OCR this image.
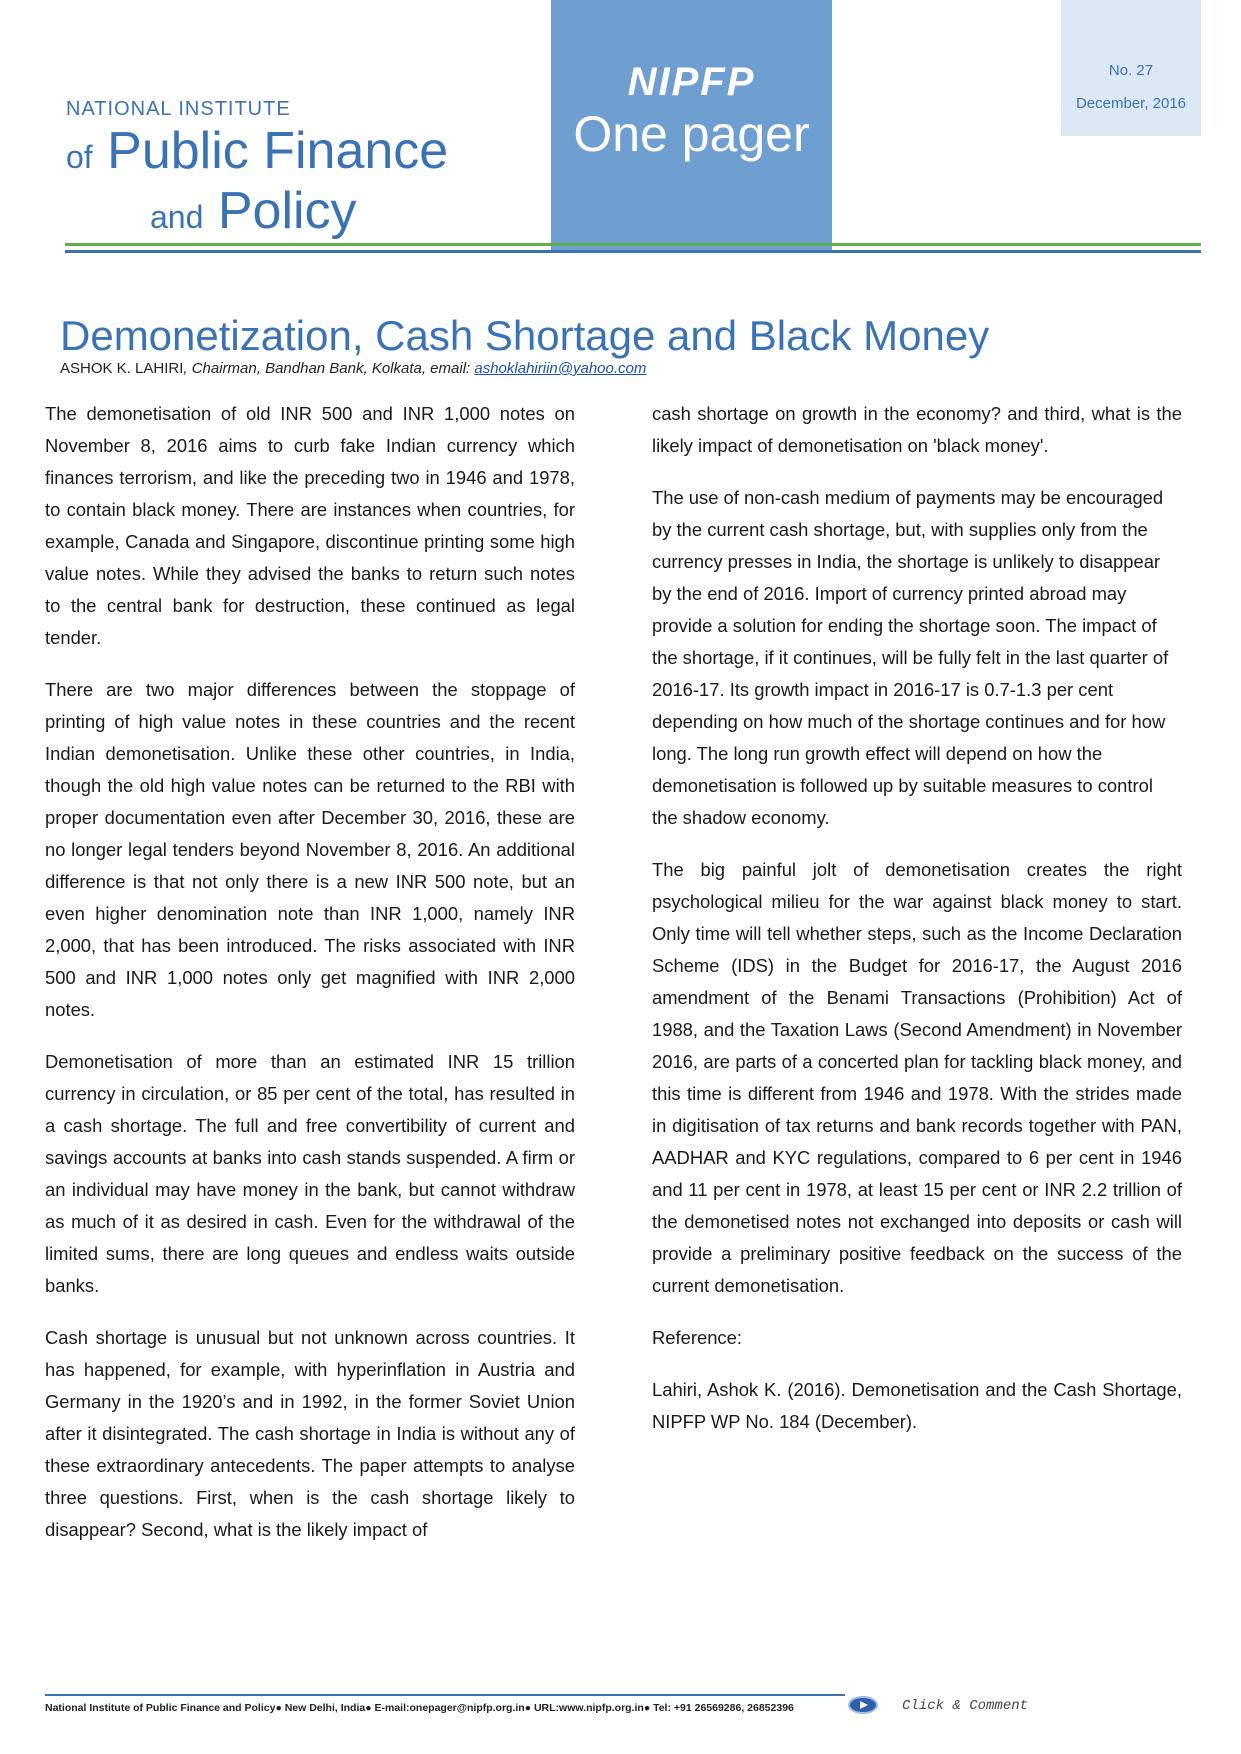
NATIONAL INSTITUTE
of Public Finance
and Policy
NIPFP
One pager
No. 27
December, 2016
Demonetization, Cash Shortage and Black Money
ASHOK K. LAHIRI, Chairman, Bandhan Bank, Kolkata, email: ashoklahiriin@yahoo.com

The demonetisation of old INR 500 and INR 1,000 notes on November 8, 2016 aims to curb fake Indian currency which finances terrorism, and like the preceding two in 1946 and 1978, to contain black money. There are instances when countries, for example, Canada and Singapore, discontinue printing some high value notes. While they advised the banks to return such notes to the central bank for destruction, these continued as legal tender.

There are two major differences between the stoppage of printing of high value notes in these countries and the recent Indian demonetisation. Unlike these other countries, in India, though the old high value notes can be returned to the RBI with proper documentation even after December 30, 2016, these are no longer legal tenders beyond November 8, 2016. An additional difference is that not only there is a new INR 500 note, but an even higher denomination note than INR 1,000, namely INR 2,000, that has been introduced. The risks associated with INR 500 and INR 1,000 notes only get magnified with INR 2,000 notes.

Demonetisation of more than an estimated INR 15 trillion currency in circulation, or 85 per cent of the total, has resulted in a cash shortage. The full and free convertibility of current and savings accounts at banks into cash stands suspended. A firm or an individual may have money in the bank, but cannot withdraw as much of it as desired in cash. Even for the withdrawal of the limited sums, there are long queues and endless waits outside banks.

Cash shortage is unusual but not unknown across countries. It has happened, for example, with hyperinflation in Austria and Germany in the 1920’s and in 1992, in the former Soviet Union after it disintegrated. The cash shortage in India is without any of these extraordinary antecedents. The paper attempts to analyse three questions. First, when is the cash shortage likely to disappear? Second, what is the likely impact of

cash shortage on growth in the economy? and third, what is the likely impact of demonetisation on 'black money'.

The use of non-cash medium of payments may be encouraged by the current cash shortage, but, with supplies only from the currency presses in India, the shortage is unlikely to disappear by the end of 2016. Import of currency printed abroad may provide a solution for ending the shortage soon. The impact of the shortage, if it continues, will be fully felt in the last quarter of 2016-17. Its growth impact in 2016-17 is 0.7-1.3 per cent depending on how much of the shortage continues and for how long. The long run growth effect will depend on how the demonetisation is followed up by suitable measures to control the shadow economy.

The big painful jolt of demonetisation creates the right psychological milieu for the war against black money to start. Only time will tell whether steps, such as the Income Declaration Scheme (IDS) in the Budget for 2016-17, the August 2016 amendment of the Benami Transactions (Prohibition) Act of 1988, and the Taxation Laws (Second Amendment) in November 2016, are parts of a concerted plan for tackling black money, and this time is different from 1946 and 1978. With the strides made in digitisation of tax returns and bank records together with PAN, AADHAR and KYC regulations, compared to 6 per cent in 1946 and 11 per cent in 1978, at least 15 per cent or INR 2.2 trillion of the demonetised notes not exchanged into deposits or cash will provide a preliminary positive feedback on the success of the current demonetisation.

Reference:

Lahiri, Ashok K. (2016). Demonetisation and the Cash Shortage, NIPFP WP No. 184 (December).

National Institute of Public Finance and Policy● New Delhi, India● E-mail:onepager@nipfp.org.in● URL:www.nipfp.org.in● Tel: +91 26569286, 26852396	Click & Comment
